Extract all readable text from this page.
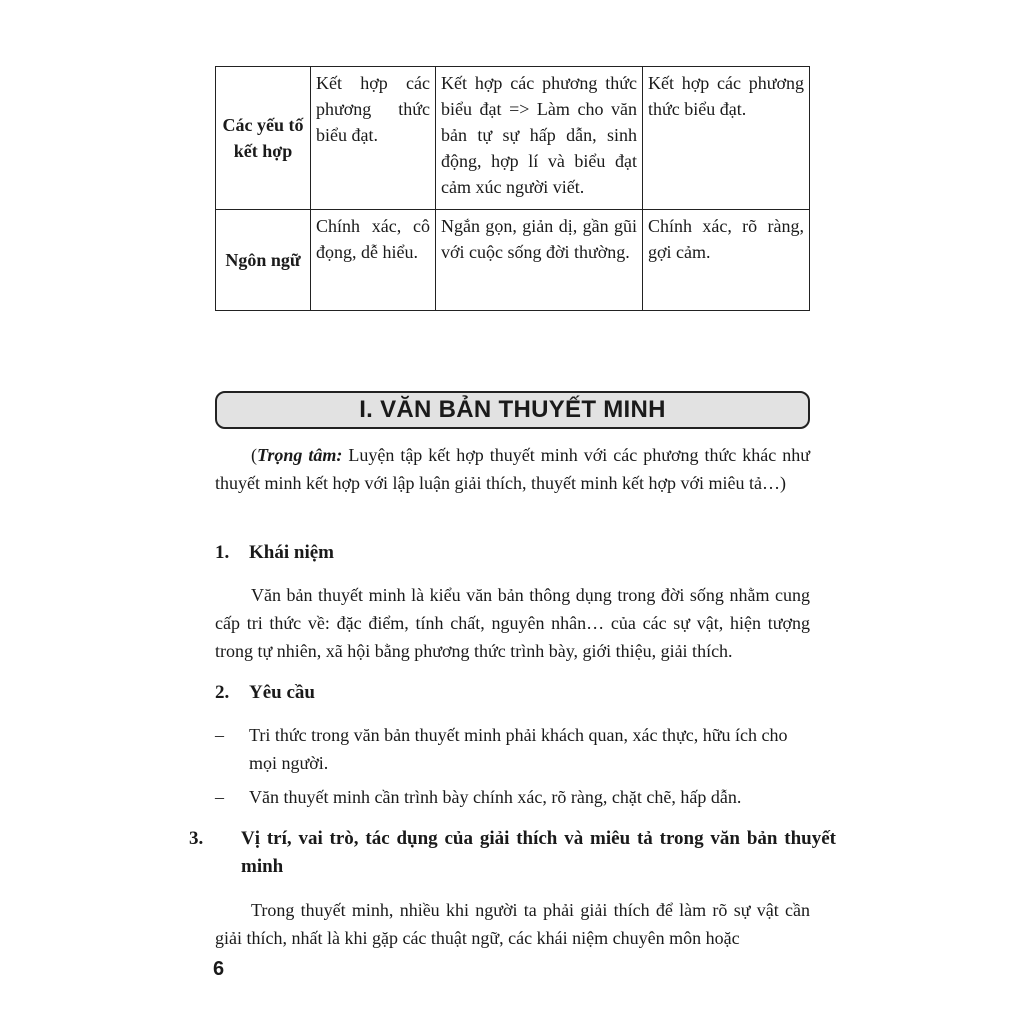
Các yếu tố kết hợp	Kết hợp các phương thức biểu đạt.	Kết hợp các phương thức biểu đạt => Làm cho văn bản tự sự hấp dẫn, sinh động, hợp lí và biểu đạt cảm xúc người viết.	Kết hợp các phương thức biểu đạt.
Ngôn ngữ	Chính xác, cô đọng, dễ hiểu.	Ngắn gọn, giản dị, gần gũi với cuộc sống đời thường.	Chính xác, rõ ràng, gợi cảm.
I. VĂN BẢN THUYẾT MINH

(Trọng tâm: Luyện tập kết hợp thuyết minh với các phương thức khác như thuyết minh kết hợp với lập luận giải thích, thuyết minh kết hợp với miêu tả…)

1. Khái niệm

Văn bản thuyết minh là kiểu văn bản thông dụng trong đời sống nhằm cung cấp tri thức về: đặc điểm, tính chất, nguyên nhân… của các sự vật, hiện tượng trong tự nhiên, xã hội bằng phương thức trình bày, giới thiệu, giải thích.

2. Yêu cầu

–	Tri thức trong văn bản thuyết minh phải khách quan, xác thực, hữu ích cho mọi người.

–	Văn thuyết minh cần trình bày chính xác, rõ ràng, chặt chẽ, hấp dẫn.

3. Vị trí, vai trò, tác dụng của giải thích và miêu tả trong văn bản thuyết minh

Trong thuyết minh, nhiều khi người ta phải giải thích để làm rõ sự vật cần giải thích, nhất là khi gặp các thuật ngữ, các khái niệm chuyên môn hoặc

6
